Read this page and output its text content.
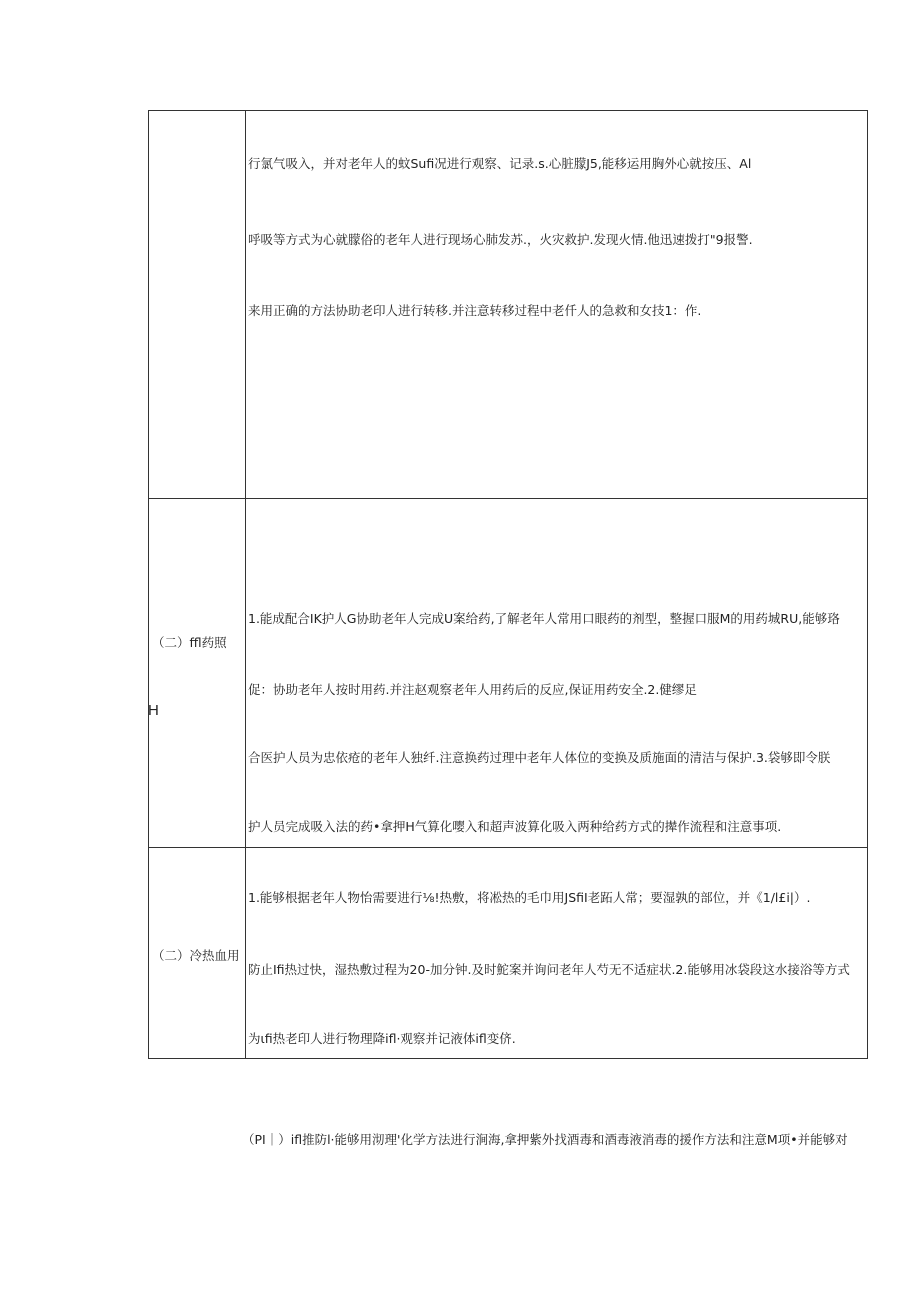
行氯气吸入，并对老年人的蚊Sufi况进行观察、记录.s.心脏朦J5,能移运用胸外心就按压、Al
呼吸等方式为心就朦俗的老年人进行现场心肺发苏.，火灾救护.发现火情.他迅速拨打"9报警.
来用正确的方法协助老印人进行转移.并注意转移过程中老仟人的急救和女技1：作.
（二）ffl药照
H
1.能成配合IK护人G协助老年人完成U案给药,了解老年人常用口眼药的剂型，整握口服M的用药城RU,能够珞
促：协助老年人按时用药.并注赵观察老年人用药后的反应,保证用药安全.2.健缪足
合医护人员为忠依疮的老年人独纤.注意换药过理中老年人体位的变换及质施面的清洁与保护.3.袋够即令朕
护人员完成吸入法的药•拿押H气算化嘤入和超声波算化吸入两种给药方式的撵作流程和注意事项.
（二）冷热血用
1.能够根据老年人物怡需要进行⅛!热敷，将凇热的毛巾用JSfiI老跖人常；要湿孰的部位，并《1/l£i|）.
防止Ifi热过快，湿热敷过程为20-加分钟.及时鮀案并询问老年人芍无不适症状.2.能够用冰袋段这水接浴等方式
为ιfi热老印人进行物理降ifl·观察并记液体ifl变侪.
（PI｜）ifl推防l·能够用沏理'化学方法进行涧海,拿押紫外找酒毒和酒毒液消毒的援作方法和注意M项•并能够对
